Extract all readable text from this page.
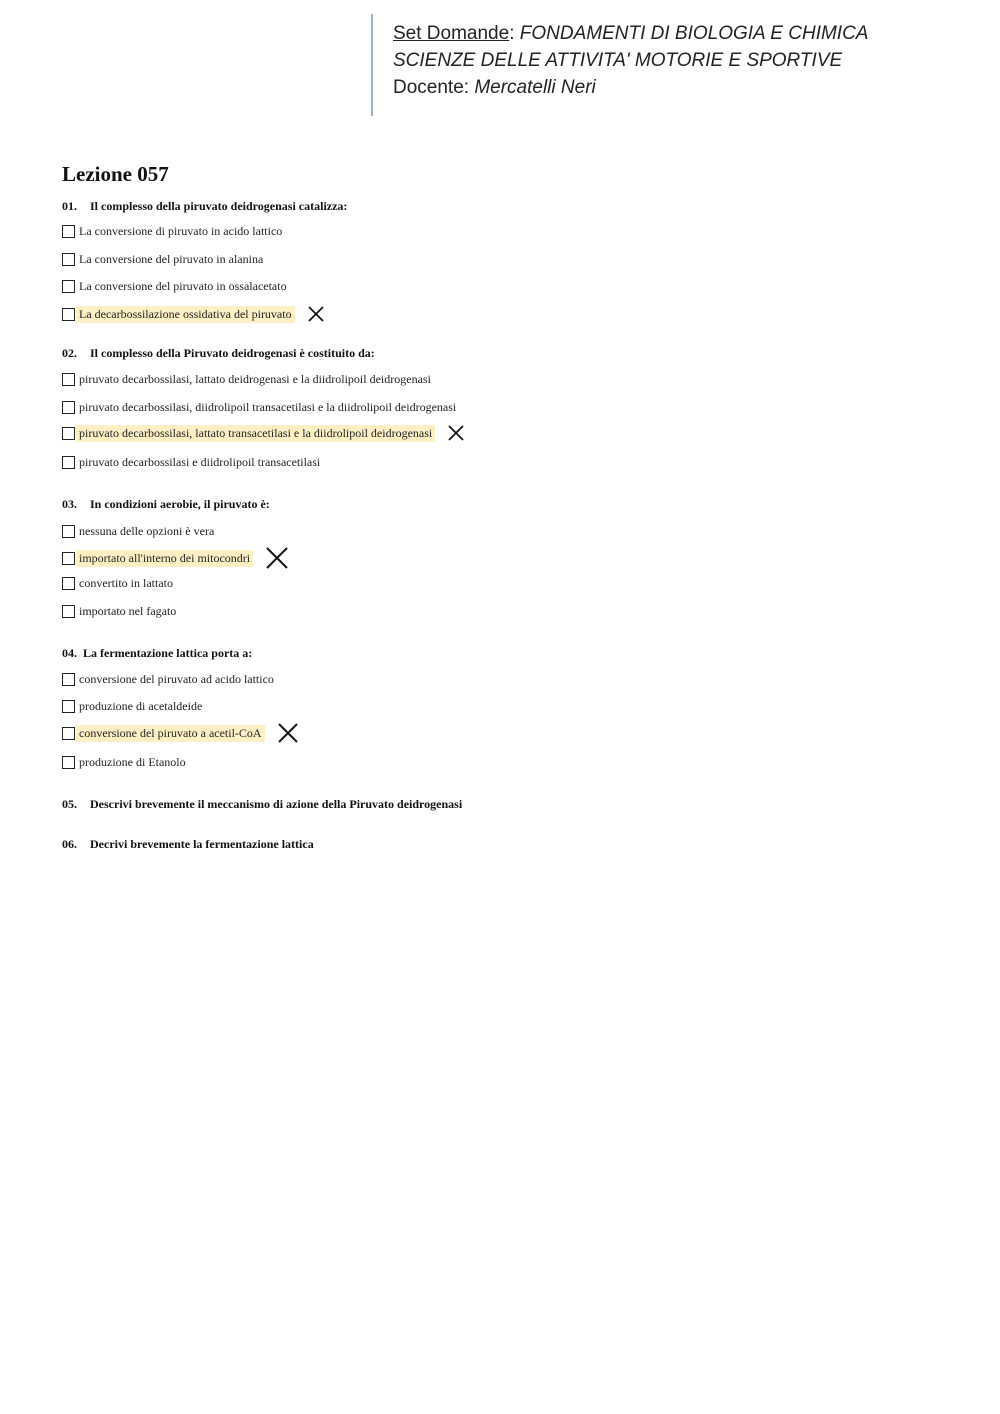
Set Domande: FONDAMENTI DI BIOLOGIA E CHIMICA
SCIENZE DELLE ATTIVITA' MOTORIE E SPORTIVE
Docente: Mercatelli Neri
Lezione 057
01. Il complesso della piruvato deidrogenasi catalizza:
La conversione di piruvato in acido lattico
La conversione del piruvato in alanina
La conversione del piruvato in ossalacetato
La decarbossilazione ossidativa del piruvato
02. Il complesso della Piruvato deidrogenasi è costituito da:
piruvato decarbossilasi, lattato deidrogenasi e la diidrolipoil deidrogenasi
piruvato decarbossilasi, diidrolipoil transacetilasi e la diidrolipoil deidrogenasi
piruvato decarbossilasi, lattato transacetilasi e la diidrolipoil deidrogenasi
piruvato decarbossilasi e diidrolipoil transacetilasi
03. In condizioni aerobie, il piruvato è:
nessuna delle opzioni è vera
importato all'interno dei mitocondri
convertito in lattato
importato nel fagato
04. La fermentazione lattica porta a:
conversione del piruvato ad acido lattico
produzione di acetaldeide
conversione del piruvato a acetil-CoA
produzione di Etanolo
05. Descrivi brevemente il meccanismo di azione della Piruvato deidrogenasi
06. Decrivi brevemente la fermentazione lattica
